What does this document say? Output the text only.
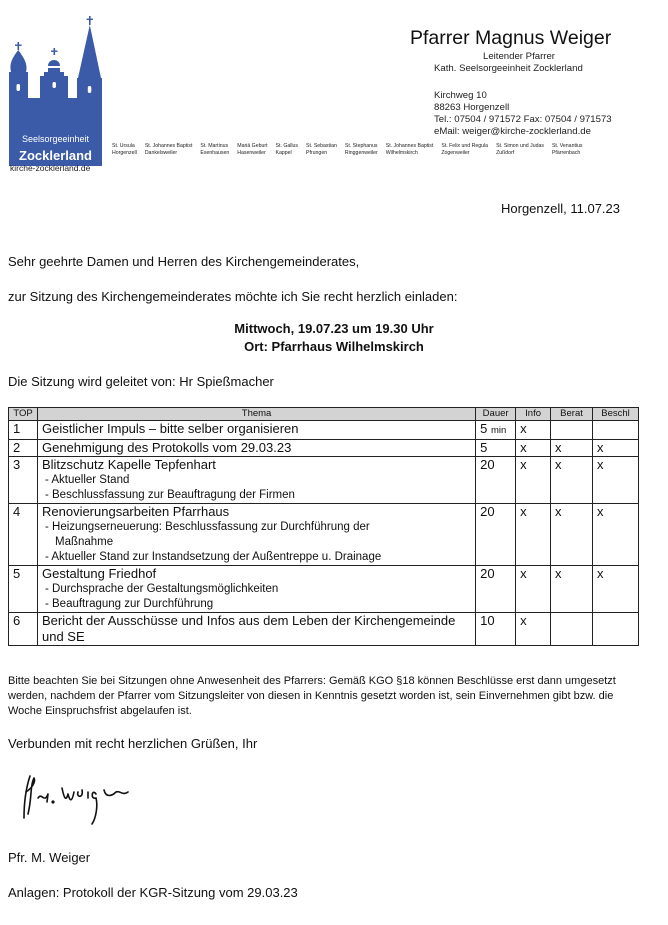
Seelsorgeeinheit
Zocklerland
kirche-zocklerland.de
St. Ursula
Horgenzell
St. Johannes Baptist
Dankelsweiler
St. Martinus
Esenhausen
Mariä Geburt
Hasenweiler
St. Gallus
Kappel
St. Sebastian
Pfrungen
St. Stephanus
Ringgenweiler
St. Johannes Baptist
Wilhelmskirch
St. Felix und Regula
Zogenweiler
St. Simon und Judas
Zußdorf
St. Venantius
Pfärrenbach
Pfarrer Magnus Weiger
Leitender Pfarrer
Kath. Seelsorgeeinheit Zocklerland
Kirchweg 10
88263 Horgenzell
Tel.: 07504 / 971572 Fax: 07504 / 971573
eMail: weiger@kirche-zocklerland.de
Horgenzell, 11.07.23
Sehr geehrte Damen und Herren des Kirchengemeinderates,
zur Sitzung des Kirchengemeinderates möchte ich Sie recht herzlich einladen:
Mittwoch, 19.07.23 um 19.30 Uhr
Ort: Pfarrhaus Wilhelmskirch
Die Sitzung wird geleitet von: Hr Spießmacher
TOP	Thema	Dauer	Info	Berat	Beschl
1	Geistlicher Impuls – bitte selber organisieren	5 min	x		
2	Genehmigung des Protokolls vom 29.03.23	5	x	x	x
3	Blitzschutz Kapelle Tepfenhart
- Aktueller Stand
- Beschlussfassung zur Beauftragung der Firmen	20	x	x	x
4	Renovierungsarbeiten Pfarrhaus
- Heizungserneuerung: Beschlussfassung zur Durchführung der
Maßnahme
- Aktueller Stand zur Instandsetzung der Außentreppe u. Drainage	20	x	x	x
5	Gestaltung Friedhof
- Durchsprache der Gestaltungsmöglichkeiten
- Beauftragung zur Durchführung	20	x	x	x
6	Bericht der Ausschüsse und Infos aus dem Leben der Kirchengemeinde und SE	10	x		
Bitte beachten Sie bei Sitzungen ohne Anwesenheit des Pfarrers: Gemäß KGO §18 können Beschlüsse erst dann umgesetzt werden, nachdem der Pfarrer vom Sitzungsleiter von diesen in Kenntnis gesetzt worden ist, sein Einvernehmen gibt bzw. die Woche Einspruchsfrist abgelaufen ist.
Verbunden mit recht herzlichen Grüßen, Ihr
Pfr. M. Weiger
Anlagen: Protokoll der KGR-Sitzung vom 29.03.23
